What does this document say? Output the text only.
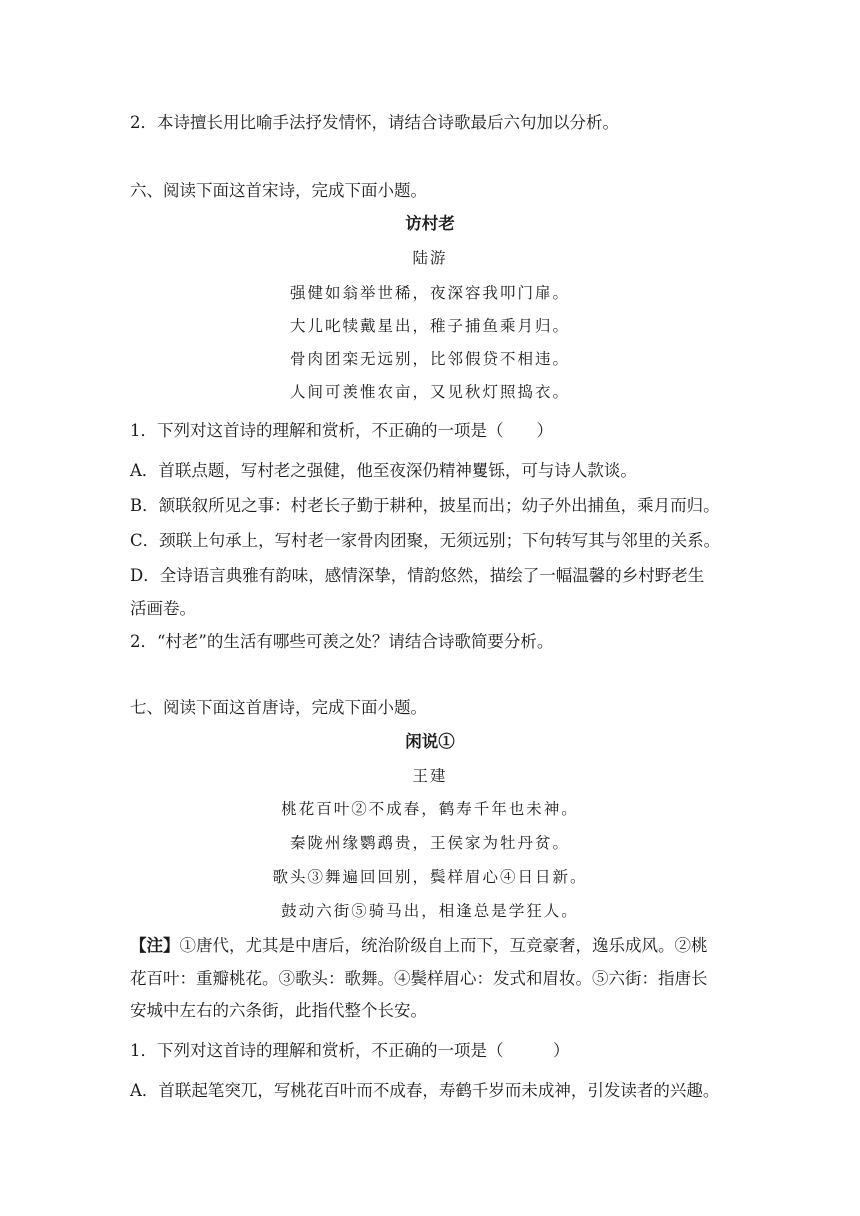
2．本诗擅长用比喻手法抒发情怀，请结合诗歌最后六句加以分析。
六、阅读下面这首宋诗，完成下面小题。
访村老
陆游
强健如翁举世稀，夜深容我叩门扉。
大儿叱犊戴星出，稚子捕鱼乘月归。
骨肉团栾无远别，比邻假贷不相违。
人间可羡惟农亩，又见秋灯照捣衣。
1．下列对这首诗的理解和赏析，不正确的一项是（　　）
A．首联点题，写村老之强健，他至夜深仍精神矍铄，可与诗人款谈。
B．颔联叙所见之事：村老长子勤于耕种，披星而出；幼子外出捕鱼，乘月而归。
C．颈联上句承上，写村老一家骨肉团聚，无须远别；下句转写其与邻里的关系。
D．全诗语言典雅有韵味，感情深挚，情韵悠然，描绘了一幅温馨的乡村野老生
活画卷。
2．“村老”的生活有哪些可羡之处？请结合诗歌简要分析。
七、阅读下面这首唐诗，完成下面小题。
闲说①
王建
桃花百叶②不成春，鹤寿千年也未神。
秦陇州缘鹦鹉贵，王侯家为牡丹贫。
歌头③舞遍回回别，鬓样眉心④日日新。
鼓动六街⑤骑马出，相逢总是学狂人。
【注】①唐代，尤其是中唐后，统治阶级自上而下，互竞豪奢，逸乐成风。②桃
花百叶：重瓣桃花。③歌头：歌舞。④鬓样眉心：发式和眉妆。⑤六街：指唐长
安城中左右的六条街，此指代整个长安。
1．下列对这首诗的理解和赏析，不正确的一项是（　　　）
A．首联起笔突兀，写桃花百叶而不成春，寿鹤千岁而未成神，引发读者的兴趣。
